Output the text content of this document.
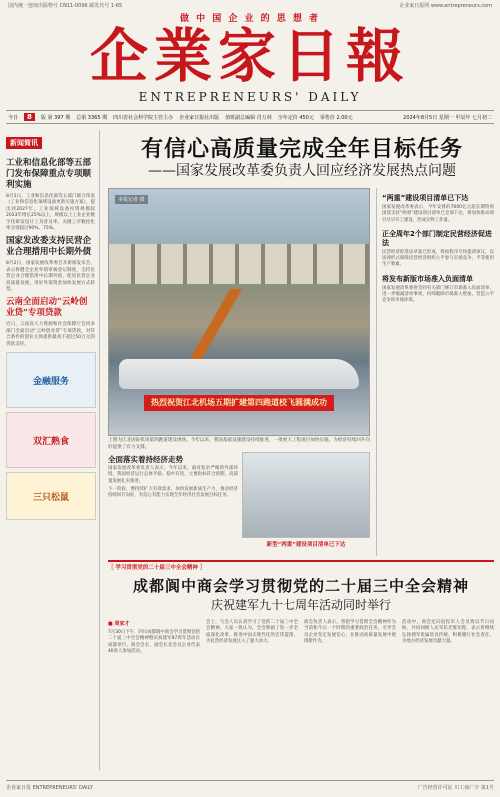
国内统一连续出版物号 CN11-0096 邮发代号 1-65	企业家日报网 www.entrepreneurs.com
做 中 国 企 业 的 思 想 者
企業家日報
ENTREPRENEURS' DAILY
今日	8	版 第 397 期 总第 3365 期 四川省社会科学院主管主办 企业家日报社出版 值班副总编辑 肖万林 全年定价 450元 零售价 2.00元	2024年8月5日 星期一 甲辰年 七月初二
新闻简讯
工业和信息化部等五部门发布保障重点专项顺利实施
8月1日，工业和信息化部等五部门联合印发《工业和信息化领域设备更新实施方案》，提出到2027年，工业领域设备投资规模较2023年增长25%以上，规模以上工业企业数字化研发设计工具普及率、关键工序数控化率分别超过90%、75%。
国家发改委支持民营企业合理措用中长期外债
8月2日，国家发展改革委召开新闻发布会，表示将健全企业外债审核登记制度，支持民营企业合理借用中长期外债，促进民营企业高质量发展，用好外债资金加快发展方式转型。
云南全面启动“云岭创业贷”专项贷款
近日，云南省人力资源和社会保障厅会同多部门全面启动“云岭创业贷”专项贷款，对符合条件的创业主体提供最高不超过50万元的贷款支持。
金融服务
双汇熟食
三只松鼠
有信心高质量完成全年目标任务
——国家发展改革委负责人回应经济发展热点问题
本报记者 摄
热烈祝贺江北机场五期扩建第四跑道校飞圆满成功
“两重”建设项目清单已下达
国家发展改革委表示，今年安排的7000亿元超长期特别国债支持“两重”建设项目清单已全部下达，将加快推动项目尽早开工建设，形成实物工作量。
正全周年2个部门制定民营经济促进法
民营经济促进法草案已形成，将按程序尽快提请审议，以法律形式保障民营经济组织公平参与市场竞争、平等使用生产要素。
将发布新版市场准入负面清单
国家发展改革委将会同有关部门修订市场准入负面清单，进一步缩减清单事项，持续破除市场准入壁垒，营造公平竞争的市场环境。
上图为江北国际机场第四跑道建设现场。今年以来，我国基础设施建设持续推进，一批重大工程项目加快实施，为经济持续回升向好提供了有力支撑。
全面落实着持经济走势
国家发展改革委负责人表示，今年以来，面对复杂严峻的外部环境，我国经济运行总体平稳、稳中有进，主要指标符合预期，高质量发展扎实推进。
下一阶段，要持续扩大有效需求，加快发展新质生产力，推动经济持续回升向好，有信心有能力实现全年经济社会发展目标任务。
新型“两重”建设项目清单已下达
［ 学习贯彻党的二十届三中全会精神 ］
成都阆中商会学习贯彻党的二十届三中全会精神
庆祝建军九十七周年活动同时举行
■ 周家才
7月30日下午，四川成都阆中商会学习贯彻党的二十届三中全会精神暨庆祝建军97周年活动在成都举行，商会会长、副会长及会员企业代表40余人参加活动。
会上，与会人员认真学习了党的二十届三中全会精神，大家一致认为，全会擘画了进一步全面深化改革、推进中国式现代化的宏伟蓝图，为民营经济发展注入了强大动力。
商会负责人表示，将把学习贯彻全会精神作为当前和今后一个时期的重要政治任务，引导会员企业坚定发展信心，在推动高质量发展中展现新作为。
活动中，商会还向退役军人会员致以节日问候，共同回顾人民军队光辉历程，表示将继续弘扬拥军优属优良传统，积极履行社会责任，为地方经济发展贡献力量。
企业家日报 ENTREPRENEURS' DAILY	广告经营许可证 川工商广字 第1号
